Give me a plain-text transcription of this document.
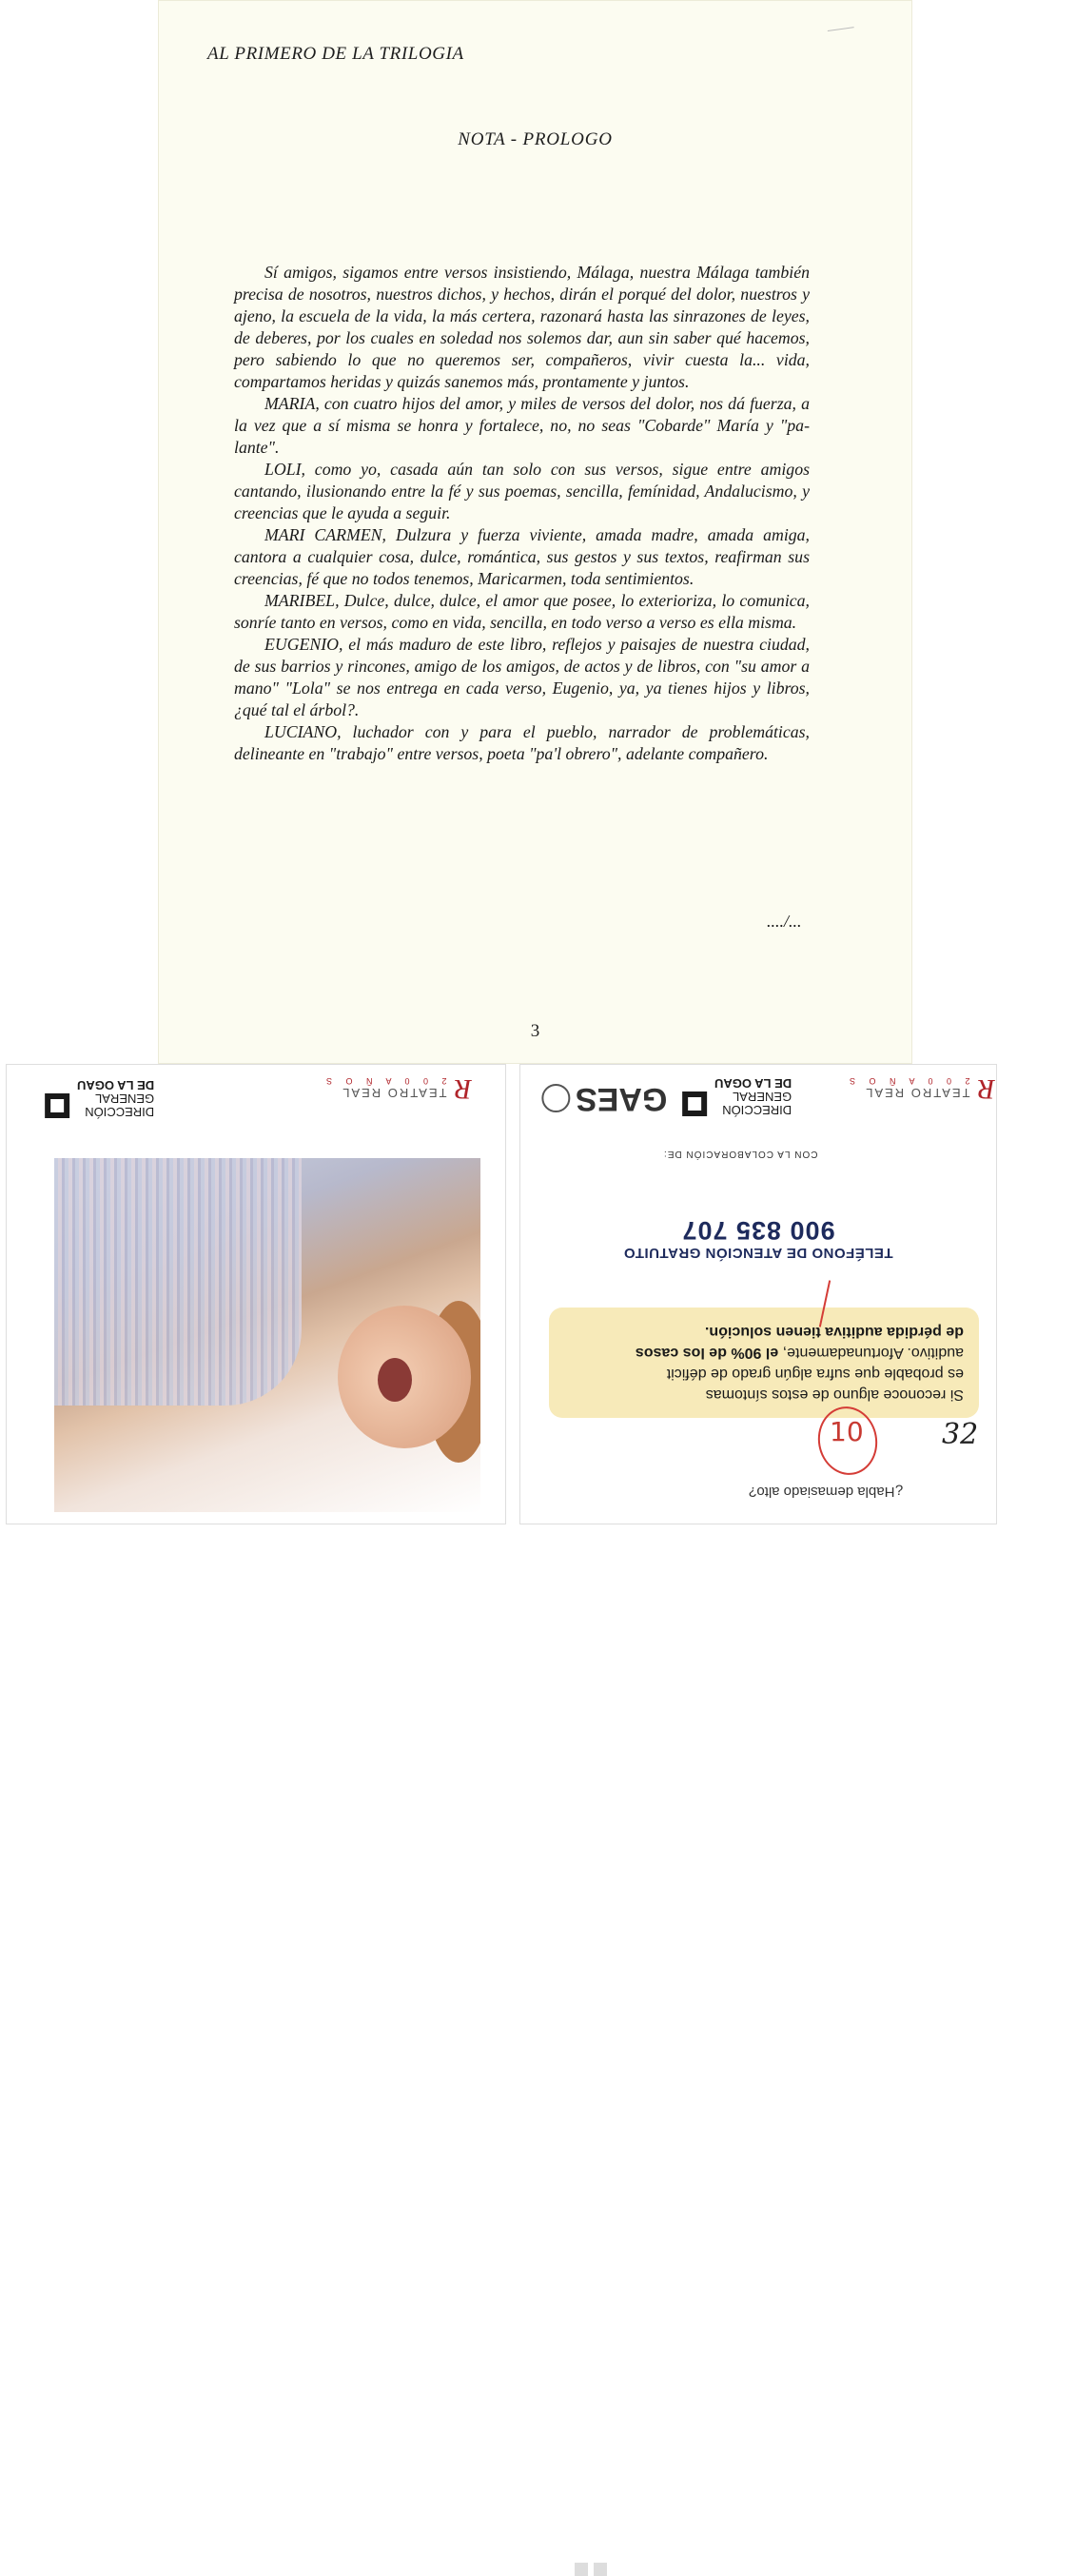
AL PRIMERO DE LA TRILOGIA
NOTA - PROLOGO

Sí amigos, sigamos entre versos insistiendo, Málaga, nuestra Málaga también precisa de nosotros, nuestros dichos, y hechos, dirán el porqué del dolor, nuestros y ajeno, la escuela de la vida, la más certera, razonará hasta las sinrazones de leyes, de deberes, por los cuales en soledad nos solemos dar, aun sin saber qué hacemos, pero sabiendo lo que no queremos ser, compañeros, vivir cuesta la... vida, compartamos heridas y quizás sanemos más, prontamente y juntos.

MARIA, con cuatro hijos del amor, y miles de versos del dolor, nos dá fuerza, a la vez que a sí misma se honra y fortalece, no, no seas "Cobarde" María y "pa-lante".

LOLI, como yo, casada aún tan solo con sus versos, sigue entre amigos cantando, ilusionando entre la fé y sus poemas, sencilla, femínidad, Andalucismo, y creencias que le ayuda a seguir.

MARI CARMEN, Dulzura y fuerza viviente, amada madre, amada amiga, cantora a cualquier cosa, dulce, romántica, sus gestos y sus textos, reafirman sus creencias, fé que no todos tenemos, Maricarmen, toda sentimientos.

MARIBEL, Dulce, dulce, dulce, el amor que posee, lo exterioriza, lo comunica, sonríe tanto en versos, como en vida, sencilla, en todo verso a verso es ella misma.

EUGENIO, el más maduro de este libro, reflejos y paisajes de nuestra ciudad, de sus barrios y rincones, amigo de los amigos, de actos y de libros, con "su amor a mano" "Lola" se nos entrega en cada verso, Eugenio, ya, ya tienes hijos y libros, ¿qué tal el árbol?.

LUCIANO, luchador con y para el pueblo, narrador de problemáticas, delineante en "trabajo" entre versos, poeta "pa'l obrero", adelante compañero.

..../...
3
DIRECCIÓN
GENERAL
DE LA OGAU	R
TEATRO REAL
2 0 0 A Ñ O S	R
TEATRO REAL
2 0 0 A Ñ O S
DIRECCIÓN
GENERAL
DE LA OGAU
GAES
CON LA COLABORACIÓN DE:
TELÉFONO DE ATENCIÓN GRATUITO
900 835 707
Si reconoce alguno de estos síntomas
es probable que sufra algún grado de déficit
auditivo. Afortunadamente, el 90% de los casos
de pérdida auditiva tienen solución.
¿Habla demasiado alto?
10	32
